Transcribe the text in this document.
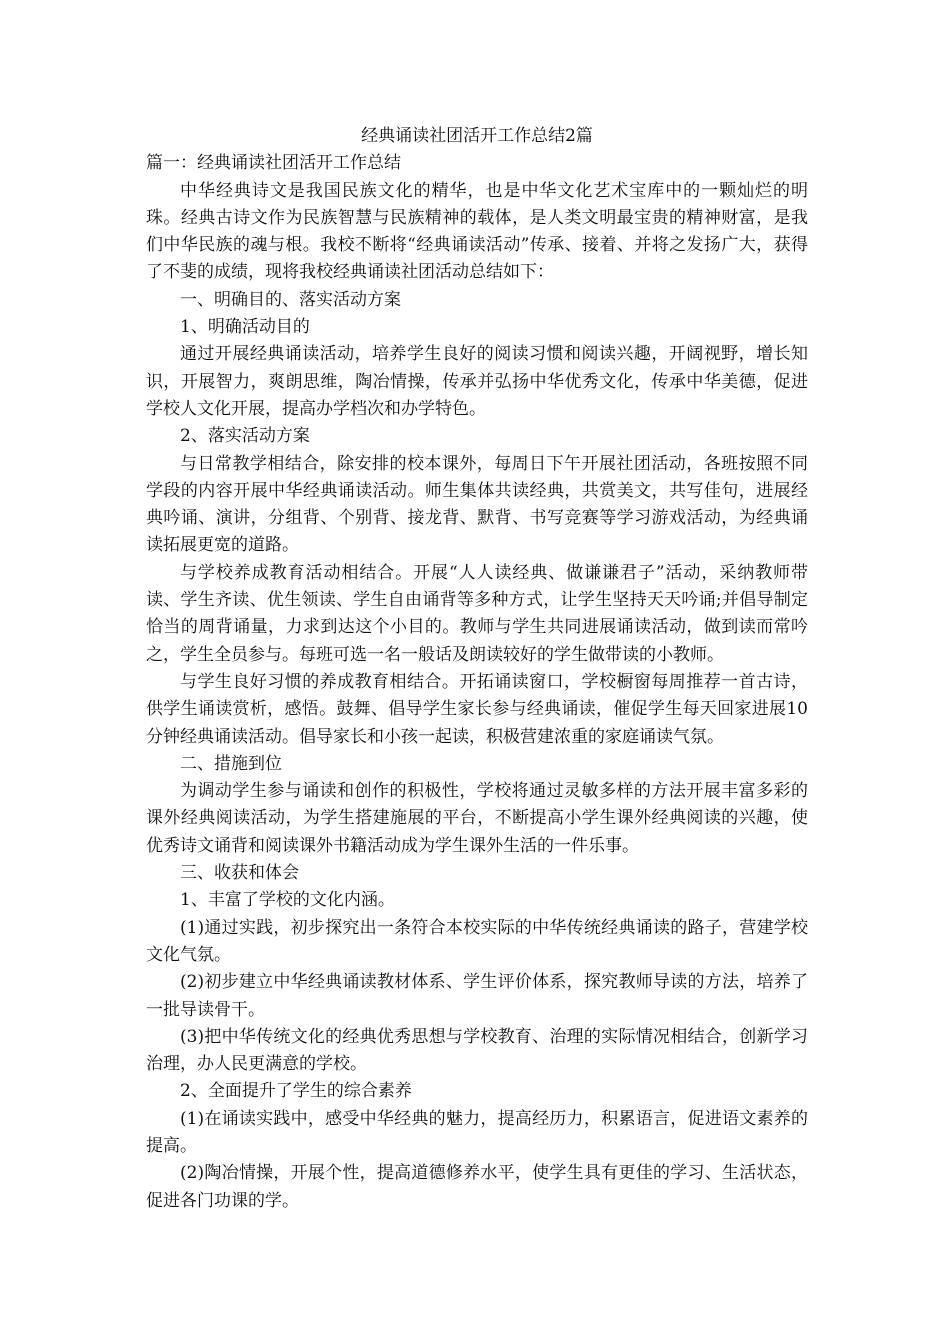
经典诵读社团活开工作总结2篇

篇一：经典诵读社团活开工作总结

中华经典诗文是我国民族文化的精华，也是中华文化艺术宝库中的一颗灿烂的明珠。经典古诗文作为民族智慧与民族精神的载体，是人类文明最宝贵的精神财富，是我们中华民族的魂与根。我校不断将“经典诵读活动”传承、接着、并将之发扬广大，获得了不斐的成绩，现将我校经典诵读社团活动总结如下：

一、明确目的、落实活动方案

1、明确活动目的

通过开展经典诵读活动，培养学生良好的阅读习惯和阅读兴趣，开阔视野，增长知识，开展智力，爽朗思维，陶冶情操，传承并弘扬中华优秀文化，传承中华美德，促进学校人文化开展，提高办学档次和办学特色。

2、落实活动方案

与日常教学相结合，除安排的校本课外，每周日下午开展社团活动，各班按照不同学段的内容开展中华经典诵读活动。师生集体共读经典，共赏美文，共写佳句，进展经典吟诵、演讲，分组背、个别背、接龙背、默背、书写竞赛等学习游戏活动，为经典诵读拓展更宽的道路。

与学校养成教育活动相结合。开展“人人读经典、做谦谦君子”活动，采纳教师带读、学生齐读、优生领读、学生自由诵背等多种方式，让学生坚持天天吟诵;并倡导制定恰当的周背诵量，力求到达这个小目的。教师与学生共同进展诵读活动，做到读而常吟之，学生全员参与。每班可选一名一般话及朗读较好的学生做带读的小教师。

与学生良好习惯的养成教育相结合。开拓诵读窗口，学校橱窗每周推荐一首古诗，供学生诵读赏析，感悟。鼓舞、倡导学生家长参与经典诵读，催促学生每天回家进展10分钟经典诵读活动。倡导家长和小孩一起读，积极营建浓重的家庭诵读气氛。

二、措施到位

为调动学生参与诵读和创作的积极性，学校将通过灵敏多样的方法开展丰富多彩的课外经典阅读活动，为学生搭建施展的平台，不断提高小学生课外经典阅读的兴趣，使优秀诗文诵背和阅读课外书籍活动成为学生课外生活的一件乐事。

三、收获和体会

1、丰富了学校的文化内涵。

(1)通过实践，初步探究出一条符合本校实际的中华传统经典诵读的路子，营建学校文化气氛。

(2)初步建立中华经典诵读教材体系、学生评价体系，探究教师导读的方法，培养了一批导读骨干。

(3)把中华传统文化的经典优秀思想与学校教育、治理的实际情况相结合，创新学习治理，办人民更满意的学校。

2、全面提升了学生的综合素养

(1)在诵读实践中，感受中华经典的魅力，提高经历力，积累语言，促进语文素养的提高。

(2)陶冶情操，开展个性，提高道德修养水平，使学生具有更佳的学习、生活状态，促进各门功课的学。
